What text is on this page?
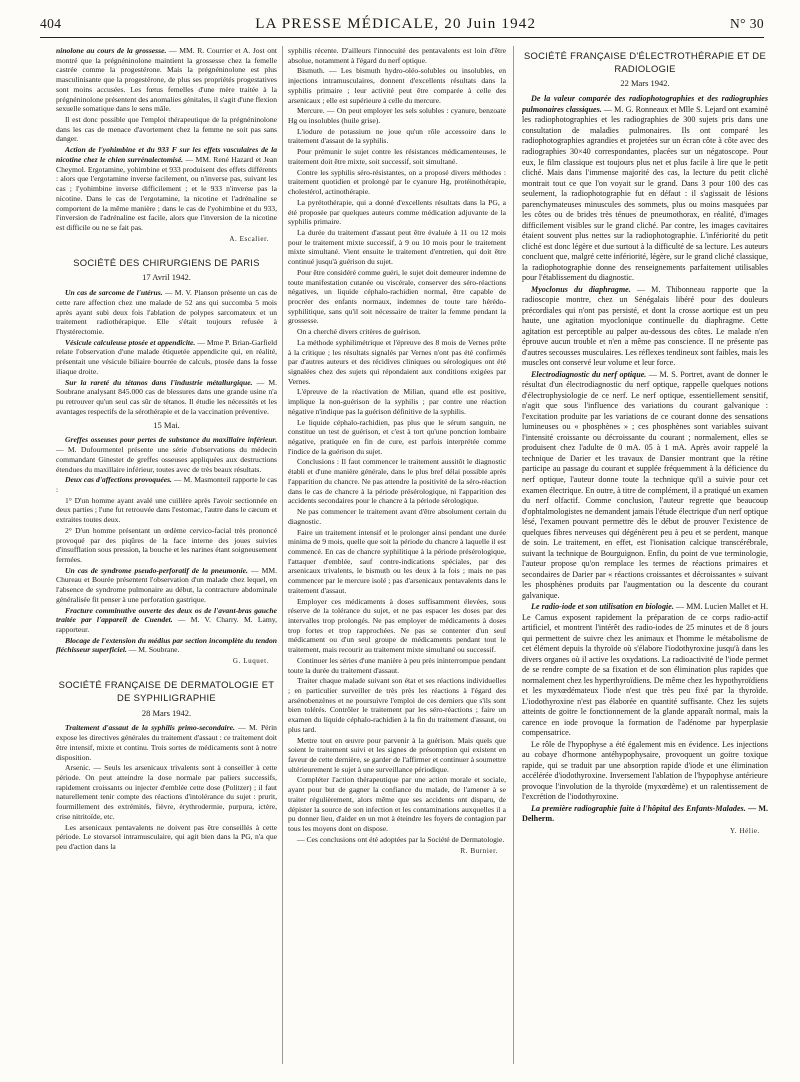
404	LA PRESSE MÉDICALE, 20 Juin 1942	N° 30

ninolone au cours de la grossesse. — MM. R. Courrier et A. Jost ont montré que la prégnéninolone maintient la grossesse chez la femelle castrée comme la progestérone. Mais la prégnéninolone est plus masculinisante que la progestérone, de plus ses propriétés progestatives sont moins accusées. Les fœtus femelles d'une mère traitée à la prégnéninolone présentent des anomalies génitales, il s'agit d'une flexion sexuelle somatique dans le sens mâle.

Il est donc possible que l'emploi thérapeutique de la prégnéninolone dans les cas de menace d'avortement chez la femme ne soit pas sans danger.

Action de l'yohimbine et du 933 F sur les effets vasculaires de la nicotine chez le chien surrénalectomisé. — MM. René Hazard et Jean Cheymol. Ergotamine, yohimbine et 933 produisent des effets différents : alors que l'ergotamine inverse facilement, ou n'inverse pas, suivant les cas ; l'yohimbine inverse difficilement ; et le 933 n'inverse pas la nicotine. Dans le cas de l'ergotamine, la nicotine et l'adrénaline se comportent de la même manière ; dans le cas de l'yohimbine et du 933, l'inversion de l'adrénaline est facile, alors que l'inversion de la nicotine est difficile ou ne se fait pas.

A. Escalier.
SOCIÉTÉ DES CHIRURGIENS DE PARIS
17 Avril 1942.

Un cas de sarcome de l'utérus. — M. V. Planson présente un cas de cette rare affection chez une malade de 52 ans qui succomba 5 mois après ayant subi deux fois l'ablation de polypes sarcomateux et un traitement radiothérapique. Elle s'était toujours refusée à l'hystérectomie.

Vésicule calculeuse ptosée et appendicite. — Mme P. Brian-Garfield relate l'observation d'une malade étiquetée appendicite qui, en réalité, présentait une vésicule biliaire bourrée de calculs, ptosée dans la fosse iliaque droite.

Sur la rareté du tétanos dans l'industrie métallurgique. — M. Soubrane analysant 845.000 cas de blessures dans une grande usine n'a pu retrouver qu'un seul cas sûr de tétanos. Il étudie les nécessités et les avantages respectifs de la sérothérapie et de la vaccination préventive.

15 Mai.

Greffes osseuses pour pertes de substance du maxillaire inférieur. — M. Dufourmentel présente une série d'observations du médecin commandant Ginestet de greffes osseuses appliquées aux destructions étendues du maxillaire inférieur, toutes avec de très beaux résultats.

Deux cas d'affections provoquées. — M. Masmonteil rapporte le cas :

1° D'un homme ayant avalé une cuillère après l'avoir sectionnée en deux parties ; l'une fut retrouvée dans l'estomac, l'autre dans le cæcum et extraites toutes deux.

2° D'un homme présentant un œdème cervico-facial très prononcé provoqué par des piqûres de la face interne des joues suivies d'insufflation sous pression, la bouche et les narines étant soigneusement fermées.

Un cas de syndrome pseudo-perforatif de la pneumonie. — MM. Chureau et Bourée présentent l'observation d'un malade chez lequel, en l'absence de syndrome pulmonaire au début, la contracture abdominale généralisée fit penser à une perforation gastrique.

Fracture comminutive ouverte des deux os de l'avant-bras gauche traitée par l'appareil de Cuendet. — M. V. Charry. M. Lamy, rapporteur.

Blocage de l'extension du médius par section incomplète du tendon fléchisseur superficiel. — M. Soubrane.

G. Luquet.
SOCIÉTÉ FRANÇAISE DE DERMATOLOGIE ET DE SYPHILIGRAPHIE
28 Mars 1942.

Traitement d'assaut de la syphilis primo-secondaire. — M. Périn expose les directives générales du traitement d'assaut : ce traitement doit être intensif, mixte et continu. Trois sortes de médicaments sont à notre disposition.

Arsenic. — Seuls les arsenicaux trivalents sont à conseiller à cette période. On peut atteindre la dose normale par paliers successifs, rapidement croissants ou injecter d'emblée cette dose (Politzer) ; il faut naturellement tenir compte des réactions d'intolérance du sujet : prurit, fourmillement des extrémités, fièvre, érythrodermie, purpura, ictère, crise nitritoïde, etc.

Les arsenicaux pentavalents ne doivent pas être conseillés à cette période. Le stovarsol intramusculaire, qui agit bien dans la PG, n'a que peu d'action dans la

syphilis récente. D'ailleurs l'innocuité des pentavalents est loin d'être absolue, notamment à l'égard du nerf optique.

Bismuth. — Les bismuth hydro-oléo-solubles ou insolubles, en injections intramusculaires, donnent d'excellents résultats dans la syphilis primaire ; leur activité peut être comparée à celle des arsenicaux ; elle est supérieure à celle du mercure.

Mercure. — On peut employer les sels solubles : cyanure, benzoate Hg ou insolubles (huile grise).

L'iodure de potassium ne joue qu'un rôle accessoire dans le traitement d'assaut de la syphilis.

Pour prémunir le sujet contre les résistances médicamenteuses, le traitement doit être mixte, soit successif, soit simultané.

Contre les syphilis séro-résistantes, on a proposé divers méthodes : traitement quotidien et prolongé par le cyanure Hg, protéinothérapie, cholestérol, actinothérapie.

La pyrétothérapie, qui a donné d'excellents résultats dans la PG, a été proposée par quelques auteurs comme médication adjuvante de la syphilis primaire.

La durée du traitement d'assaut peut être évaluée à 11 ou 12 mois pour le traitement mixte successif, à 9 ou 10 mois pour le traitement mixte simultané. Vient ensuite le traitement d'entretien, qui doit être continué jusqu'à guérison du sujet.

Pour être considéré comme guéri, le sujet doit demeurer indemne de toute manifestation cutanée ou viscérale, conserver des séro-réactions négatives, un liquide céphalo-rachidien normal, être capable de procréer des enfants normaux, indemnes de toute tare hérédo-syphilitique, sans qu'il soit nécessaire de traiter la femme pendant la grossesse.

On a cherché divers critères de guérison.

La méthode syphilimétrique et l'épreuve des 8 mois de Vernes prête à la critique ; les résultats signalés par Vernes n'ont pas été confirmés par d'autres auteurs et des récidives cliniques ou sérologiques ont été signalées chez des sujets qui répondaient aux conditions exigées par Vernes.

L'épreuve de la réactivation de Milian, quand elle est positive, implique la non-guérison de la syphilis ; par contre une réaction négative n'indique pas la guérison définitive de la syphilis.

Le liquide céphalo-rachidien, pas plus que le sérum sanguin, ne constitue un test de guérison, et c'est à tort qu'une ponction lombaire négative, pratiquée en fin de cure, est parfois interprétée comme l'indice de la guérison du sujet.

Conclusions : Il faut commencer le traitement aussitôt le diagnostic établi et d'une manière générale, dans le plus bref délai possible après l'apparition du chancre. Ne pas attendre la positivité de la séro-réaction dans le cas de chancre à la période présérologique, ni l'apparition des accidents secondaires pour le chancre à la période sérologique.

Ne pas commencer le traitement avant d'être absolument certain du diagnostic.

Faire un traitement intensif et le prolonger ainsi pendant une durée minima de 9 mois, quelle que soit la période du chancre à laquelle il est commencé. En cas de chancre syphilitique à la période présérologique, l'attaquer d'emblée, sauf contre-indications spéciales, par des arsenicaux trivalents, le bismuth ou les deux à la fois ; mais ne pas commencer par le mercure isolé ; pas d'arsenicaux pentavalents dans le traitement d'assaut.

Employer ces médicaments à doses suffisamment élevées, sous réserve de la tolérance du sujet, et ne pas espacer les doses par des intervalles trop prolongés. Ne pas employer de médicaments à doses trop fortes et trop rapprochées. Ne pas se contenter d'un seul médicament ou d'un seul groupe de médicaments pendant tout le traitement, mais recourir au traitement mixte simultané ou successif.

Continuer les séries d'une manière à peu près ininterrompue pendant toute la durée du traitement d'assaut.

Traiter chaque malade suivant son état et ses réactions individuelles ; en particulier surveiller de très près les réactions à l'égard des arsénobenzènes et ne poursuivre l'emploi de ces derniers que s'ils sont bien tolérés. Contrôler le traitement par les séro-réactions ; faire un examen du liquide céphalo-rachidien à la fin du traitement d'assaut, ou plus tard.

Mettre tout en œuvre pour parvenir à la guérison. Mais quels que soient le traitement suivi et les signes de présomption qui existent en faveur de cette dernière, se garder de l'affirmer et continuer à soumettre ultérieurement le sujet à une surveillance périodique.

Compléter l'action thérapeutique par une action morale et sociale, ayant pour but de gagner la confiance du malade, de l'amener à se traiter régulièrement, alors même que ses accidents ont disparu, de dépister la source de son infection et les contaminations auxquelles il a pu donner lieu, d'aider en un mot à éteindre les foyers de contagion par tous les moyens dont on dispose.

— Ces conclusions ont été adoptées par la Société de Dermatologie.

R. Burnier.
SOCIÉTÉ FRANÇAISE D'ÉLECTROTHÉRAPIE ET DE RADIOLOGIE
22 Mars 1942.

De la valeur comparée des radiophotographies et des radiographies pulmonaires classiques. — M. G. Ronneaux et Mlle S. Lejard ont examiné les radiophotographies et les radiographies de 300 sujets pris dans une consultation de maladies pulmonaires. Ils ont comparé les radiophotographies agrandies et projetées sur un écran côte à côte avec des radiographies 30×40 correspondantes, placées sur un négatoscope. Pour eux, le film classique est toujours plus net et plus facile à lire que le petit cliché. Mais dans l'immense majorité des cas, la lecture du petit cliché montrait tout ce que l'on voyait sur le grand. Dans 3 pour 100 des cas seulement, la radiophotographie fut en défaut : il s'agissait de lésions parenchymateuses minuscules des sommets, plus ou moins masquées par les côtes ou de brides très ténues de pneumothorax, en réalité, d'images difficilement visibles sur le grand cliché. Par contre, les images cavitaires étaient souvent plus nettes sur la radiophotographie. L'infériorité du petit cliché est donc légère et due surtout à la difficulté de sa lecture. Les auteurs concluent que, malgré cette infériorité, légère, sur le grand cliché classique, la radiophotographie donne des renseignements parfaitement utilisables pour l'établissement du diagnostic.

Myoclonus du diaphragme. — M. Thibonneau rapporte que la radioscopie montre, chez un Sénégalais libéré pour des douleurs précordiales qui n'ont pas persisté, et dont la crosse aortique est un peu haute, une agitation myoclonique continuelle du diaphragme. Cette agitation est perceptible au palper au-dessous des côtes. Le malade n'en éprouve aucun trouble et n'en a même pas conscience. Il ne présente pas d'autres secousses musculaires. Les réflexes tendineux sont faibles, mais les muscles ont conservé leur volume et leur force.

Electrodiagnostic du nerf optique. — M. S. Portret, avant de donner le résultat d'un électrodiagnostic du nerf optique, rappelle quelques notions d'électrophysiologie de ce nerf. Le nerf optique, essentiellement sensitif, n'agit que sous l'influence des variations du courant galvanique : l'excitation produite par les variations de ce courant donne des sensations lumineuses ou « phosphènes » ; ces phosphènes sont variables suivant l'intensité croissante ou décroissante du courant ; normalement, elles se produisent chez l'adulte de 0 mA. 05 à 1 mA. Après avoir rappelé la technique de Darier et les travaux de Dansier montrant que la rétine participe au passage du courant et supplée fréquemment à la déficience du nerf optique, l'auteur donne toute la technique qu'il a suivie pour cet examen électrique. En outre, à titre de complément, il a pratiqué un examen du nerf olfactif. Comme conclusion, l'auteur regrette que beaucoup d'ophtalmologistes ne demandent jamais l'étude électrique d'un nerf optique lésé, l'examen pouvant permettre dès le début de prouver l'existence de quelques fibres nerveuses qui dégénèrent peu à peu et se perdent, manque de soin. Le traitement, en effet, est l'ionisation calcique transcérébrale, suivant la technique de Bourguignon. Enfin, du point de vue terminologie, l'auteur propose qu'on remplace les termes de réactions primaires et secondaires de Darier par « réactions croissantes et décroissantes » suivant les phosphènes produits par l'augmentation ou la descente du courant galvanique.

Le radio-iode et son utilisation en biologie. — MM. Lucien Mallet et H. Le Camus exposent rapidement la préparation de ce corps radio-actif artificiel, et montrent l'intérêt des radio-iodes de 25 minutes et de 8 jours qui permettent de suivre chez les animaux et l'homme le métabolisme de cet élément depuis la thyroïde où s'élabore l'iodothyroxine jusqu'à dans les divers organes où il active les oxydations. La radioactivité de l'iode permet de se rendre compte de sa fixation et de son élimination plus rapides que normalement chez les hyperthyroïdiens. De même chez les hypothyroïdiens et les myxœdémateux l'iode n'est que très peu fixé par la thyroïde. L'iodothyroxine n'est pas élaborée en quantité suffisante. Chez les sujets atteints de goitre le fonctionnement de la glande apparaît normal, mais la carence en iode provoque la formation de l'adénome par hyperplasie compensatrice.

Le rôle de l'hypophyse a été également mis en évidence. Les injections au cobaye d'hormone antéhypophysaire, provoquent un goitre toxique rapide, qui se traduit par une absorption rapide d'iode et une élimination accélérée d'iodothyroxine. Inversement l'ablation de l'hypophyse antérieure provoque l'involution de la thyroïde (myxœdème) et un ralentissement de l'excrétion de l'iodothyroxine.

La première radiographie faite à l'hôpital des Enfants-Malades. — M. Delherm.

Y. Hélie.
